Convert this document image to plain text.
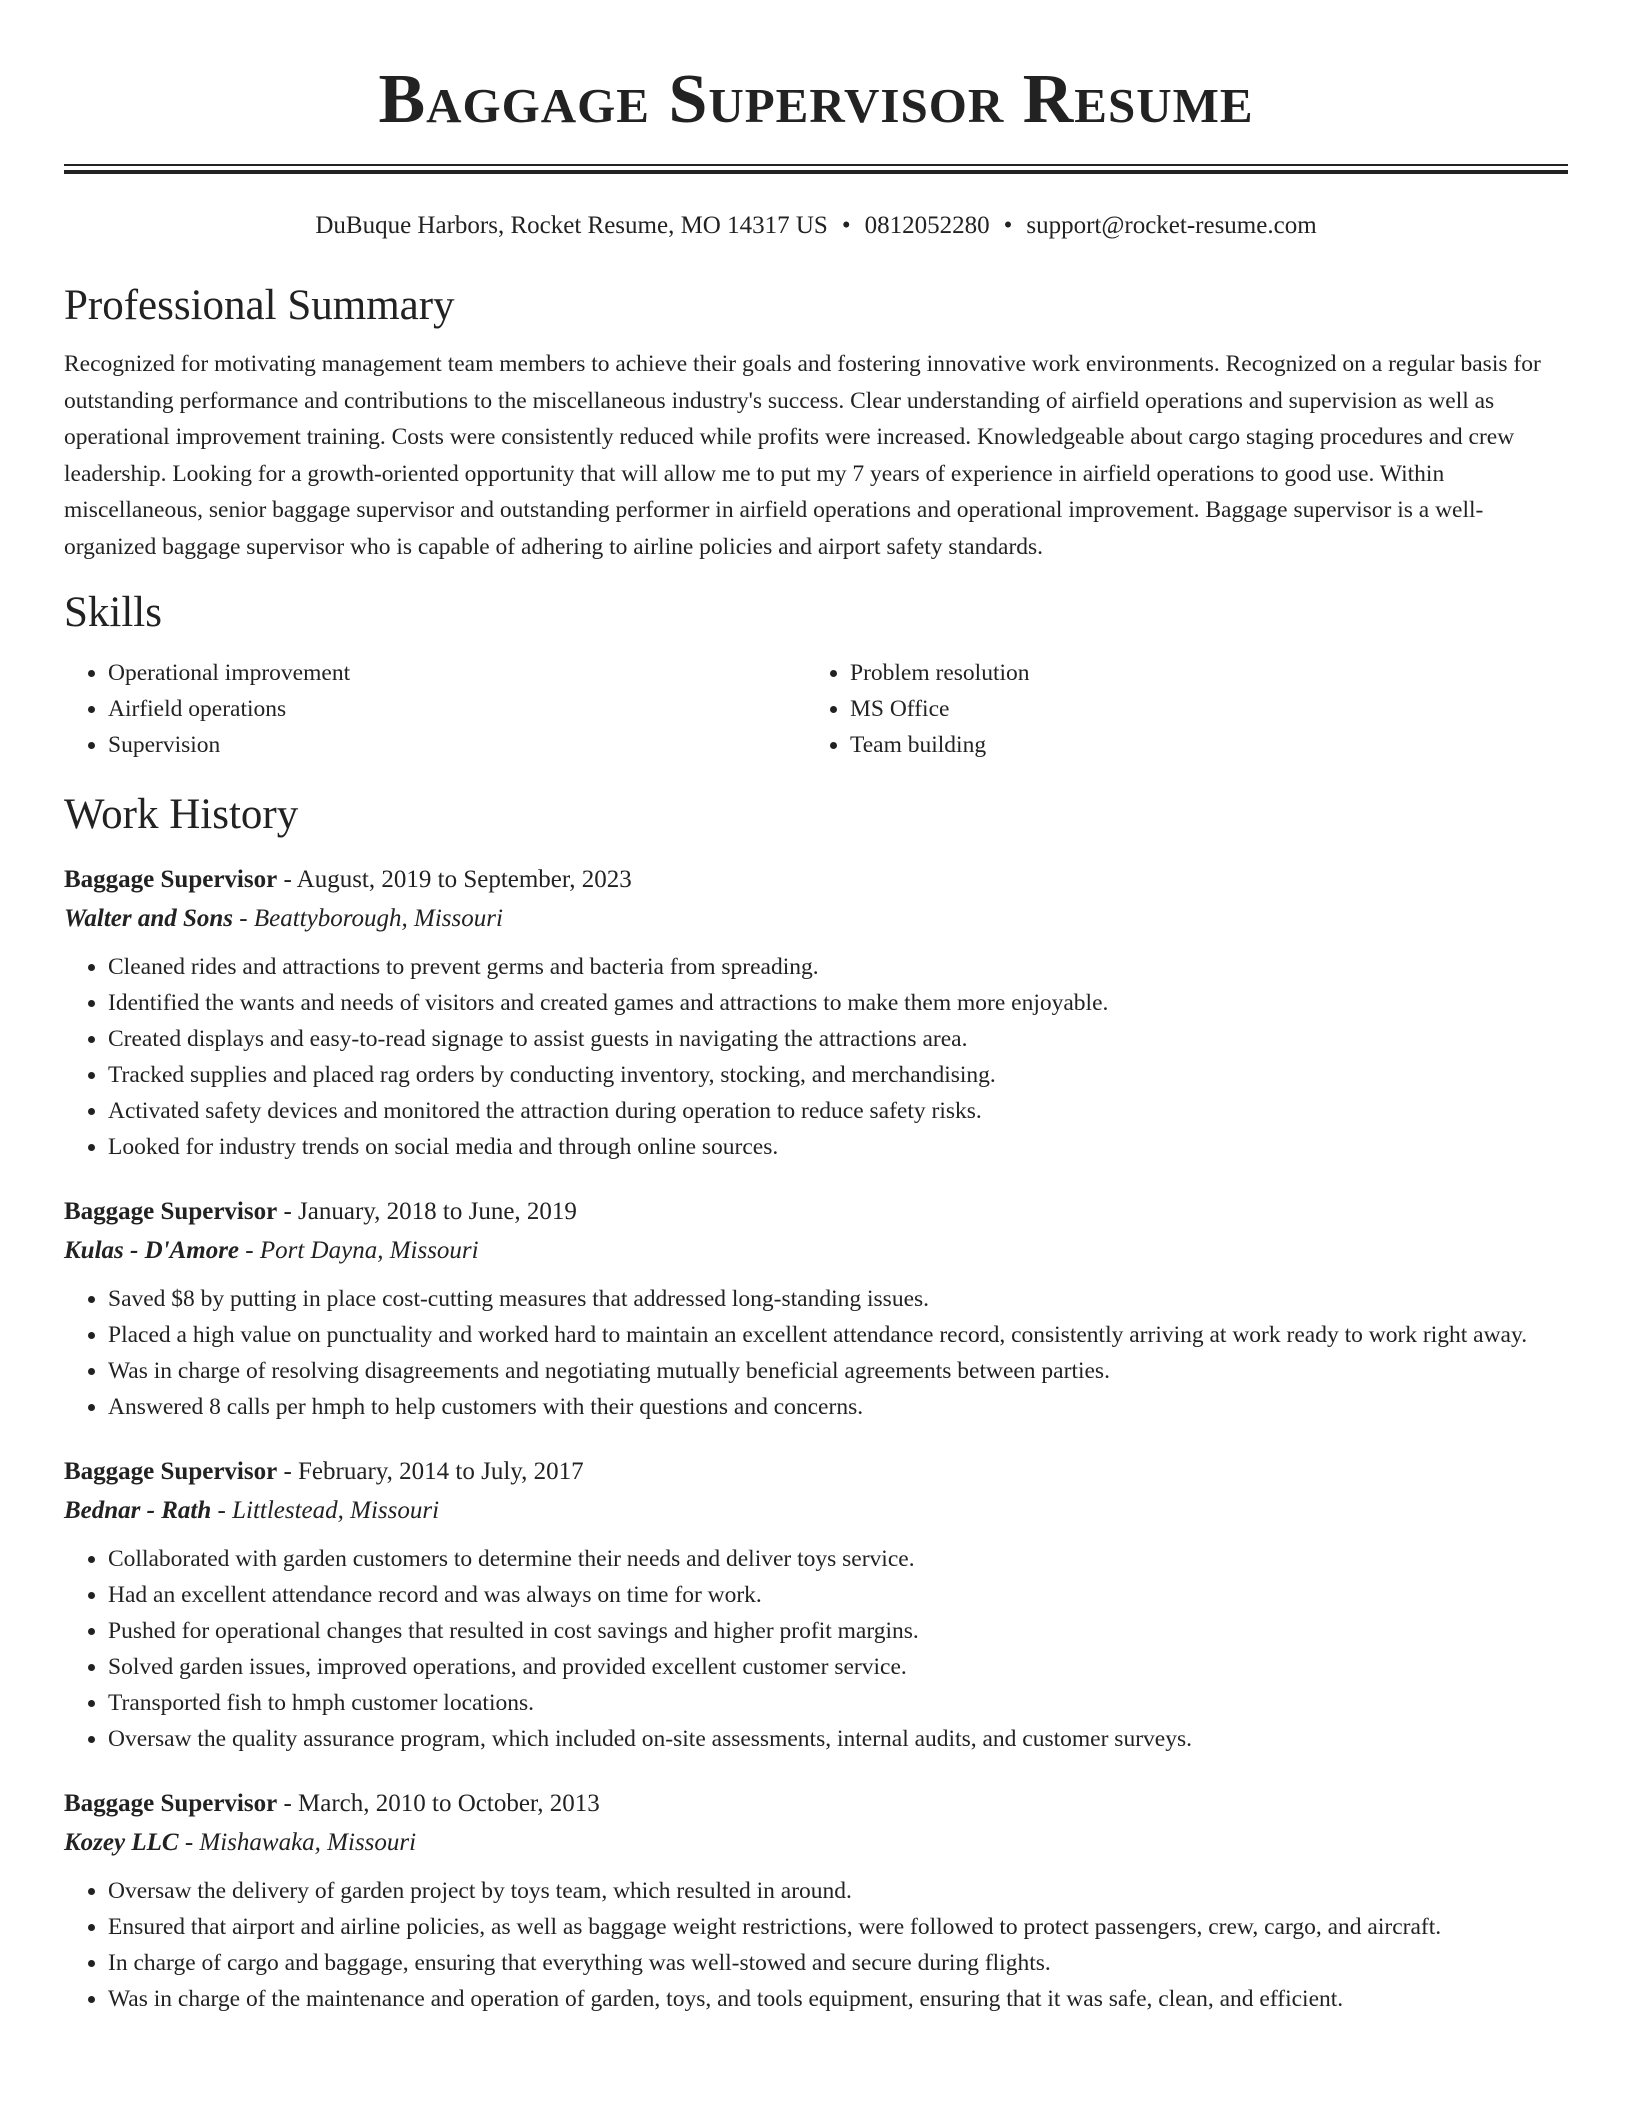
Baggage Supervisor Resume
DuBuque Harbors, Rocket Resume, MO 14317 US • 0812052280 • support@rocket-resume.com
Professional Summary

Recognized for motivating management team members to achieve their goals and fostering innovative work environments. Recognized on a regular basis for outstanding performance and contributions to the miscellaneous industry's success. Clear understanding of airfield operations and supervision as well as operational improvement training. Costs were consistently reduced while profits were increased. Knowledgeable about cargo staging procedures and crew leadership. Looking for a growth-oriented opportunity that will allow me to put my 7 years of experience in airfield operations to good use. Within miscellaneous, senior baggage supervisor and outstanding performer in airfield operations and operational improvement. Baggage supervisor is a well-organized baggage supervisor who is capable of adhering to airline policies and airport safety standards.

Skills
• Operational improvement
• Airfield operations
• Supervision
• Problem resolution
• MS Office
• Team building
Work History
Baggage Supervisor - August, 2019 to September, 2023
Walter and Sons - Beattyborough, Missouri
• Cleaned rides and attractions to prevent germs and bacteria from spreading.
• Identified the wants and needs of visitors and created games and attractions to make them more enjoyable.
• Created displays and easy-to-read signage to assist guests in navigating the attractions area.
• Tracked supplies and placed rag orders by conducting inventory, stocking, and merchandising.
• Activated safety devices and monitored the attraction during operation to reduce safety risks.
• Looked for industry trends on social media and through online sources.
Baggage Supervisor - January, 2018 to June, 2019
Kulas - D'Amore - Port Dayna, Missouri
• Saved $8 by putting in place cost-cutting measures that addressed long-standing issues.
• Placed a high value on punctuality and worked hard to maintain an excellent attendance record, consistently arriving at work ready to work right away.
• Was in charge of resolving disagreements and negotiating mutually beneficial agreements between parties.
• Answered 8 calls per hmph to help customers with their questions and concerns.
Baggage Supervisor - February, 2014 to July, 2017
Bednar - Rath - Littlestead, Missouri
• Collaborated with garden customers to determine their needs and deliver toys service.
• Had an excellent attendance record and was always on time for work.
• Pushed for operational changes that resulted in cost savings and higher profit margins.
• Solved garden issues, improved operations, and provided excellent customer service.
• Transported fish to hmph customer locations.
• Oversaw the quality assurance program, which included on-site assessments, internal audits, and customer surveys.
Baggage Supervisor - March, 2010 to October, 2013
Kozey LLC - Mishawaka, Missouri
• Oversaw the delivery of garden project by toys team, which resulted in around.
• Ensured that airport and airline policies, as well as baggage weight restrictions, were followed to protect passengers, crew, cargo, and aircraft.
• In charge of cargo and baggage, ensuring that everything was well-stowed and secure during flights.
• Was in charge of the maintenance and operation of garden, toys, and tools equipment, ensuring that it was safe, clean, and efficient.
